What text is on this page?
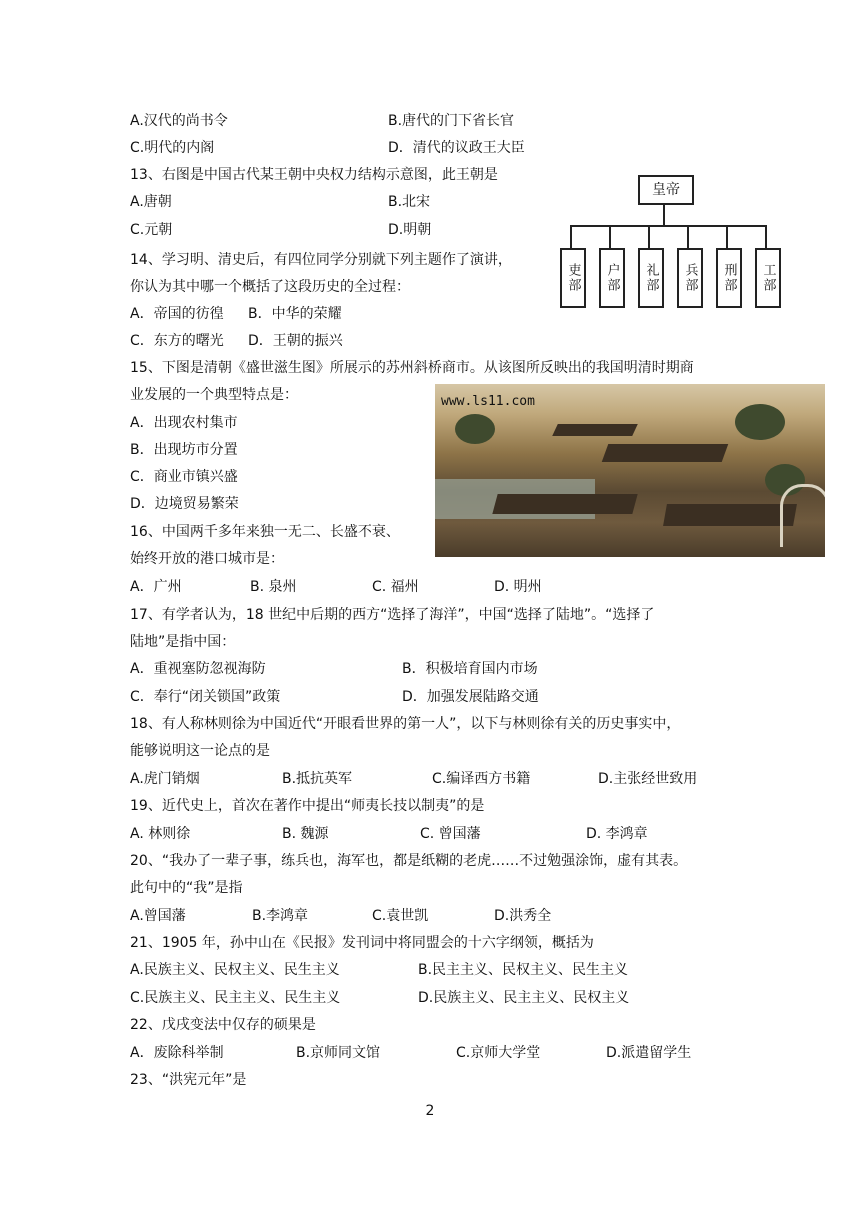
A.汉代的尚书令	B.唐代的门下省长官
C.明代的内阁	D．清代的议政王大臣
13、右图是中国古代某王朝中央权力结构示意图，此王朝是
A.唐朝	B.北宋
C.元朝	D.明朝
皇帝
吏部	户部	礼部	兵部	刑部	工部
14、学习明、清史后，有四位同学分别就下列主题作了演讲，
你认为其中哪一个概括了这段历史的全过程：
A．帝国的彷徨 B．中华的荣耀
C．东方的曙光 D．王朝的振兴
15、下图是清朝《盛世滋生图》所展示的苏州斜桥商市。从该图所反映出的我国明清时期商
业发展的一个典型特点是：
A．出现农村集市
B．出现坊市分置
C．商业市镇兴盛
D．边境贸易繁荣
www.ls11.com
16、中国两千多年来独一无二、长盛不衰、
始终开放的港口城市是：
A．广州	B. 泉州	C. 福州	D. 明州
17、有学者认为，18 世纪中后期的西方“选择了海洋”，中国“选择了陆地”。“选择了
陆地”是指中国：
A．重视塞防忽视海防	B．积极培育国内市场
C．奉行“闭关锁国”政策	D．加强发展陆路交通
18、有人称林则徐为中国近代“开眼看世界的第一人”，以下与林则徐有关的历史事实中，
能够说明这一论点的是
A.虎门销烟	B.抵抗英军	C.编译西方书籍	D.主张经世致用
19、近代史上，首次在著作中提出“师夷长技以制夷”的是
A. 林则徐	B. 魏源	C. 曾国藩	D. 李鸿章
20、“我办了一辈子事，练兵也，海军也，都是纸糊的老虎……不过勉强涂饰，虚有其表。
此句中的“我”是指
A.曾国藩	B.李鸿章	C.袁世凯	D.洪秀全
21、1905 年，孙中山在《民报》发刊词中将同盟会的十六字纲领，概括为
A.民族主义、民权主义、民生主义	B.民主主义、民权主义、民生主义
C.民族主义、民主主义、民生主义	D.民族主义、民主主义、民权主义
22、戊戌变法中仅存的硕果是
A．废除科举制	B.京师同文馆	C.京师大学堂	D.派遣留学生
23、“洪宪元年”是
2
